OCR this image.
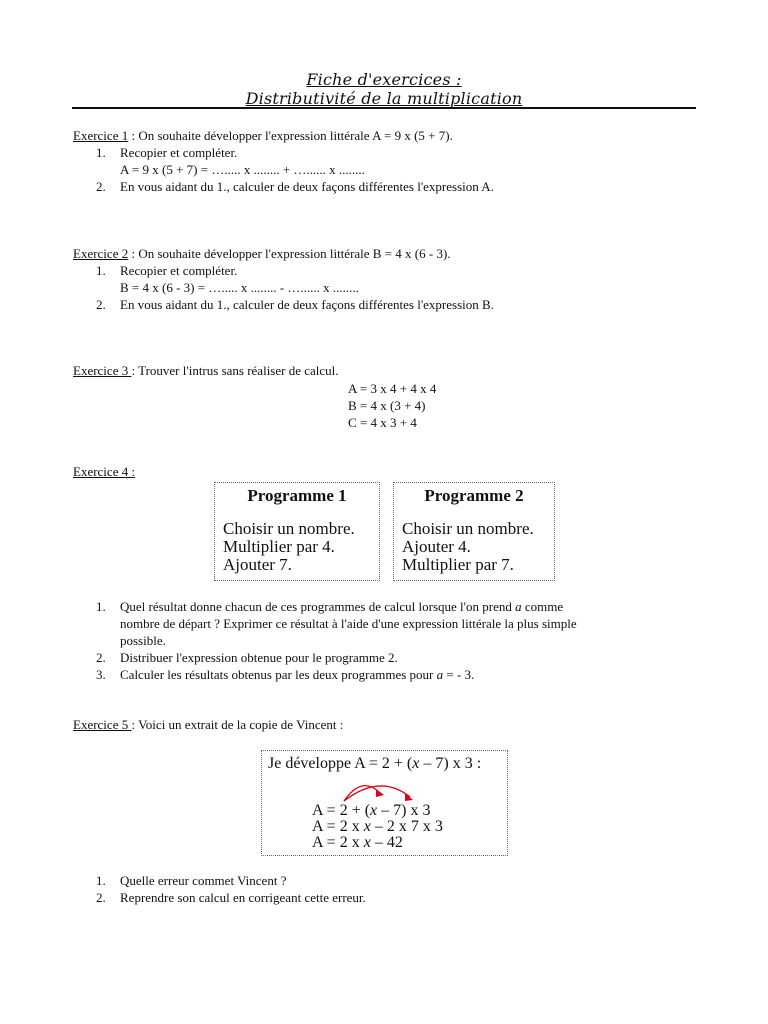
Fiche d'exercices :
Distributivité de la multiplication
Exercice 1 : On souhaite développer l'expression littérale A = 9 x (5 + 7).
1.	Recopier et compléter.
A = 9 x (5 + 7) = …..... x ........ + …...... x ........
2.	En vous aidant du 1., calculer de deux façons différentes l'expression A.
Exercice 2 : On souhaite développer l'expression littérale B = 4 x (6 - 3).
1.	Recopier et compléter.
B = 4 x (6 - 3) = …..... x ........ - …...... x ........
2.	En vous aidant du 1., calculer de deux façons différentes l'expression B.
Exercice 3 : Trouver l'intrus sans réaliser de calcul.
A = 3 x 4 + 4 x 4
B = 4 x (3 + 4)
C = 4 x 3 + 4
Exercice 4 :
Programme 1
Choisir un nombre.
Multiplier par 4.
Ajouter 7.
Programme 2
Choisir un nombre.
Ajouter 4.
Multiplier par 7.
1.	Quel résultat donne chacun de ces programmes de calcul lorsque l'on prend a comme
nombre de départ ? Exprimer ce résultat à l'aide d'une expression littérale la plus simple
possible.
2.	Distribuer l'expression obtenue pour le programme 2.
3.	Calculer les résultats obtenus par les deux programmes pour a = - 3.
Exercice 5 : Voici un extrait de la copie de Vincent :
Je développe A = 2 + (x – 7) x 3 :
A = 2 + (x – 7) x 3
A = 2 x x – 2 x 7 x 3
A = 2 x x – 42
1.	Quelle erreur commet Vincent ?
2.	Reprendre son calcul en corrigeant cette erreur.
